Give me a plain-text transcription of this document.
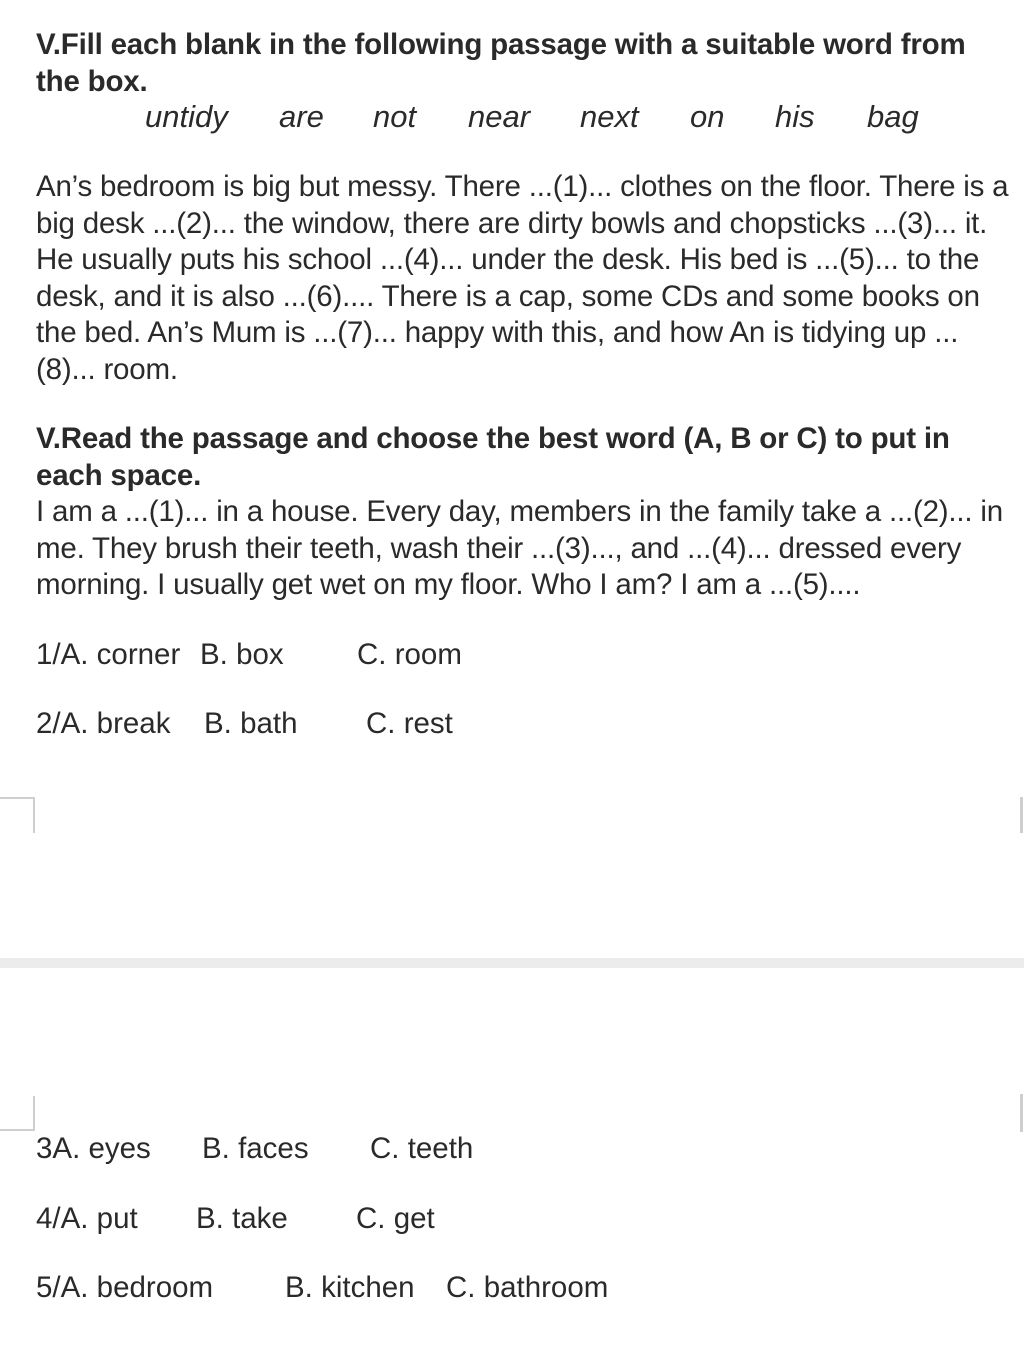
V.Fill each blank in the following passage with a suitable word from the box.
untidy are not near next on his bag
An’s bedroom is big but messy. There ...(1)... clothes on the floor. There is a big desk ...(2)... the window, there are dirty bowls and chopsticks ...(3)... it. He usually puts his school ...(4)... under the desk. His bed is ...(5)... to the desk, and it is also ...(6).... There is a cap, some CDs and some books on the bed. An’s Mum is ...(7)... happy with this, and how An is tidying up ...(8)... room.
V.Read the passage and choose the best word (A, B or C) to put in each space.
I am a ...(1)... in a house. Every day, members in the family take a ...(2)... in me. They brush their teeth, wash their ...(3)..., and ...(4)... dressed every morning. I usually get wet on my floor. Who I am? I am a ...(5)....
1/A. corner B. box C. room
2/A. break B. bath C. rest
3A. eyes B. faces C. teeth
4/A. put B. take C. get
5/A. bedroom B. kitchen C. bathroom
